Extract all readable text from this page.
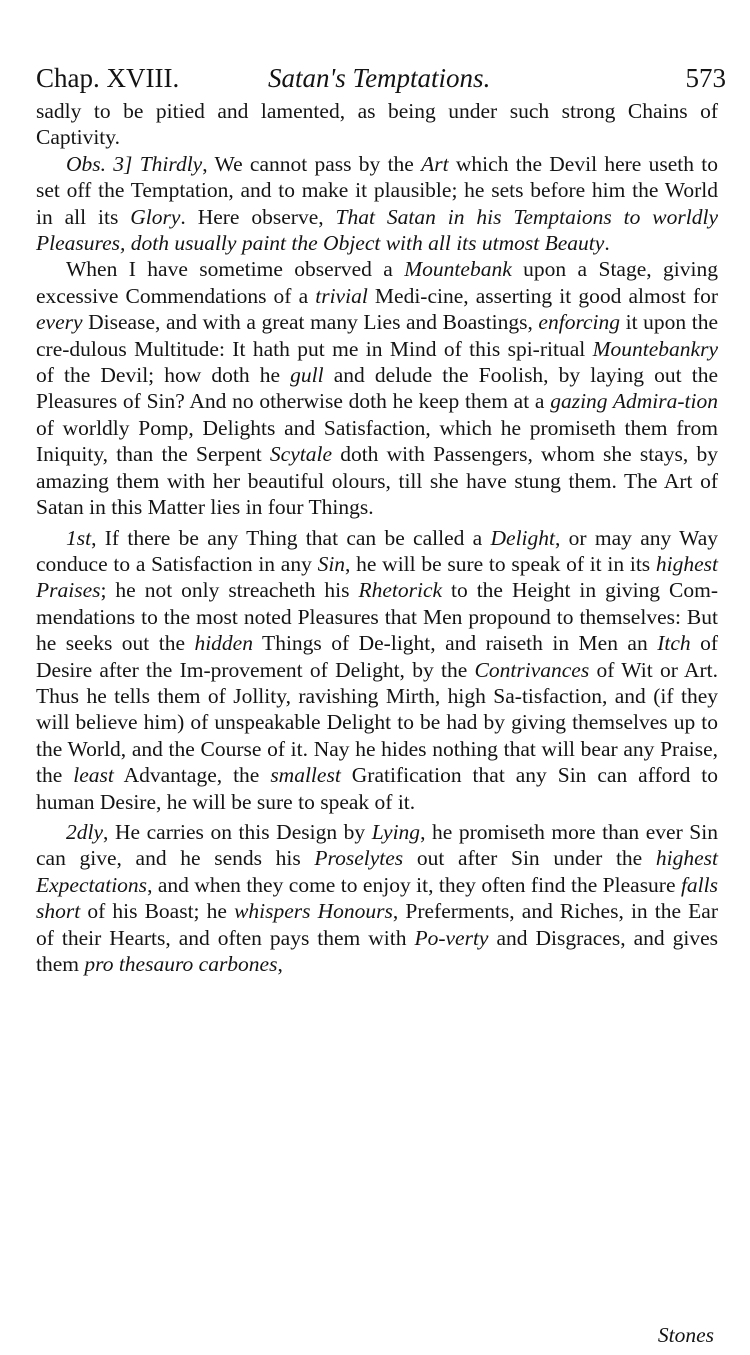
Chap. XVIII.	Satan's Temptations.	573

sadly to be pitied and lamented, as being under such strong Chains of Captivity.

Obs. 3] Thirdly, We cannot pass by the Art which the Devil here useth to set off the Temptation, and to make it plausible; he sets before him the World in all its Glory. Here observe, That Satan in his Temptaions to worldly Pleasures, doth usually paint the Object with all its utmost Beauty.

When I have sometime observed a Mountebank upon a Stage, giving excessive Commendations of a trivial Medi-cine, asserting it good almost for every Disease, and with a great many Lies and Boastings, enforcing it upon the cre-dulous Multitude: It hath put me in Mind of this spi-ritual Mountebankry of the Devil; how doth he gull and delude the Foolish, by laying out the Pleasures of Sin? And no otherwise doth he keep them at a gazing Admira-tion of worldly Pomp, Delights and Satisfaction, which he promiseth them from Iniquity, than the Serpent Scytale doth with Passengers, whom she stays, by amazing them with her beautiful olours, till she have stung them. The Art of Satan in this Matter lies in four Things.

1st, If there be any Thing that can be called a Delight, or may any Way conduce to a Satisfaction in any Sin, he will be sure to speak of it in its highest Praises; he not only streacheth his Rhetorick to the Height in giving Com-mendations to the most noted Pleasures that Men propound to themselves: But he seeks out the hidden Things of De-light, and raiseth in Men an Itch of Desire after the Im-provement of Delight, by the Contrivances of Wit or Art. Thus he tells them of Jollity, ravishing Mirth, high Sa-tisfaction, and (if they will believe him) of unspeakable Delight to be had by giving themselves up to the World, and the Course of it. Nay he hides nothing that will bear any Praise, the least Advantage, the smallest Gratification that any Sin can afford to human Desire, he will be sure to speak of it.

2dly, He carries on this Design by Lying, he promiseth more than ever Sin can give, and he sends his Proselytes out after Sin under the highest Expectations, and when they come to enjoy it, they often find the Pleasure falls short of his Boast; he whispers Honours, Preferments, and Riches, in the Ear of their Hearts, and often pays them with Po-verty and Disgraces, and gives them pro thesauro carbones,

Stones
